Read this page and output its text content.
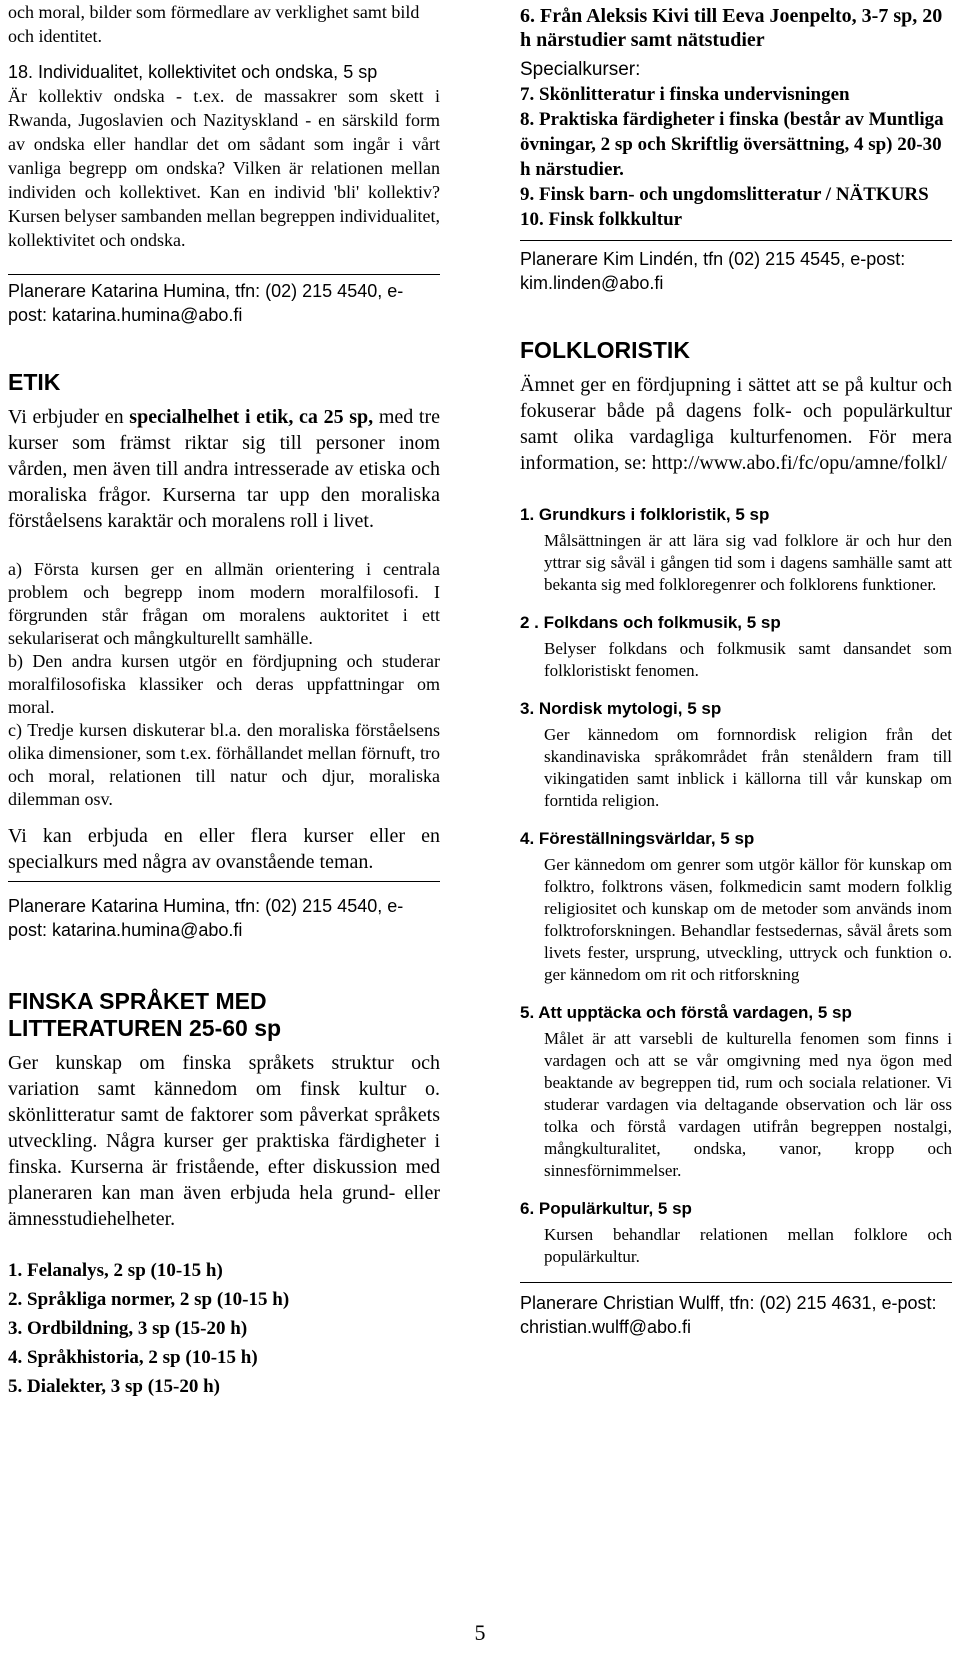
och moral, bilder som förmedlare av verklighet samt bild och identitet.

18. Individualitet, kollektivitet och ondska, 5 sp

Är kollektiv ondska - t.ex. de massakrer som skett i Rwanda, Jugoslavien och Nazityskland - en särskild form av ondska eller handlar det om sådant som ingår i vårt vanliga begrepp om ondska? Vilken är relationen mellan individen och kollektivet. Kan en individ 'bli' kollektiv? Kursen belyser sambanden mellan begreppen individualitet, kollektivitet och ondska.

Planerare Katarina Humina, tfn: (02) 215 4540, e-post: katarina.humina@abo.fi

ETIK

Vi erbjuder en specialhelhet i etik, ca 25 sp, med tre kurser som främst riktar sig till personer inom vården, men även till andra intresserade av etiska och moraliska frågor. Kurserna tar upp den moraliska förståelsens karaktär och moralens roll i livet.

a) Första kursen ger en allmän orientering i centrala problem och begrepp inom modern moralfilosofi. I förgrunden står frågan om moralens auktoritet i ett sekulariserat och mångkulturellt samhälle.

b) Den andra kursen utgör en fördjupning och studerar moralfilosofiska klassiker och deras uppfattningar om moral.

c) Tredje kursen diskuterar bl.a. den moraliska förståelsens olika dimensioner, som t.ex. förhållandet mellan förnuft, tro och moral, relationen till natur och djur, moraliska dilemman osv.

Vi kan erbjuda en eller flera kurser eller en specialkurs med några av ovanstående teman.

Planerare Katarina Humina, tfn: (02) 215 4540, e-post: katarina.humina@abo.fi

FINSKA SPRÅKET MED
LITTERATUREN 25-60 sp

Ger kunskap om finska språkets struktur och variation samt kännedom om finsk kultur o. skönlitteratur samt de faktorer som påverkat språkets utveckling. Några kurser ger praktiska färdigheter i finska. Kurserna är fristående, efter diskussion med planeraren kan man även erbjuda hela grund- eller ämnesstudiehelheter.

1. Felanalys, 2 sp (10-15 h)

2. Språkliga normer, 2 sp (10-15 h)

3. Ordbildning, 3 sp (15-20 h)

4. Språkhistoria, 2 sp (10-15 h)

5. Dialekter, 3 sp (15-20 h)

6. Från Aleksis Kivi till Eeva Joenpelto, 3-7 sp, 20 h närstudier samt nätstudier

Specialkurser:

7. Skönlitteratur i finska undervisningen

8. Praktiska färdigheter i finska (består av Muntliga övningar, 2 sp och Skriftlig översättning, 4 sp) 20-30 h närstudier.

9. Finsk barn- och ungdomslitteratur / NÄTKURS

10. Finsk folkkultur

Planerare Kim Lindén, tfn (02) 215 4545, e-post: kim.linden@abo.fi

FOLKLORISTIK

Ämnet ger en fördjupning i sättet att se på kultur och fokuserar både på dagens folk- och populärkultur samt olika vardagliga kulturfenomen. För mera information, se: http://www.abo.fi/fc/opu/amne/folkl/

1. Grundkurs i folkloristik, 5 sp

Målsättningen är att lära sig vad folklore är och hur den yttrar sig såväl i gången tid som i dagens samhälle samt att bekanta sig med folkloregenrer och folklorens funktioner.

2 . Folkdans och folkmusik, 5 sp

Belyser folkdans och folkmusik samt dansandet som folkloristiskt fenomen.

3. Nordisk mytologi, 5 sp

Ger kännedom om fornnordisk religion från det skandinaviska språkområdet från stenåldern fram till vikingatiden samt inblick i källorna till vår kunskap om forntida religion.

4. Föreställningsvärldar, 5 sp

Ger kännedom om genrer som utgör källor för kunskap om folktro, folktrons väsen, folkmedicin samt modern folklig religiositet och kunskap om de metoder som används inom folktroforskningen. Behandlar festsedernas, såväl årets som livets fester, ursprung, utveckling, uttryck och funktion o. ger kännedom om rit och ritforskning

5. Att upptäcka och förstå vardagen, 5 sp

Målet är att varsebli de kulturella fenomen som finns i vardagen och att se vår omgivning med nya ögon med beaktande av begreppen tid, rum och sociala relationer. Vi studerar vardagen via deltagande observation och lär oss tolka och förstå vardagen utifrån begreppen nostalgi, mångkulturalitet, ondska, vanor, kropp och sinnesförnimmelser.

6. Populärkultur, 5 sp

Kursen behandlar relationen mellan folklore och populärkultur.

Planerare Christian Wulff, tfn: (02) 215 4631, e-post: christian.wulff@abo.fi

5
